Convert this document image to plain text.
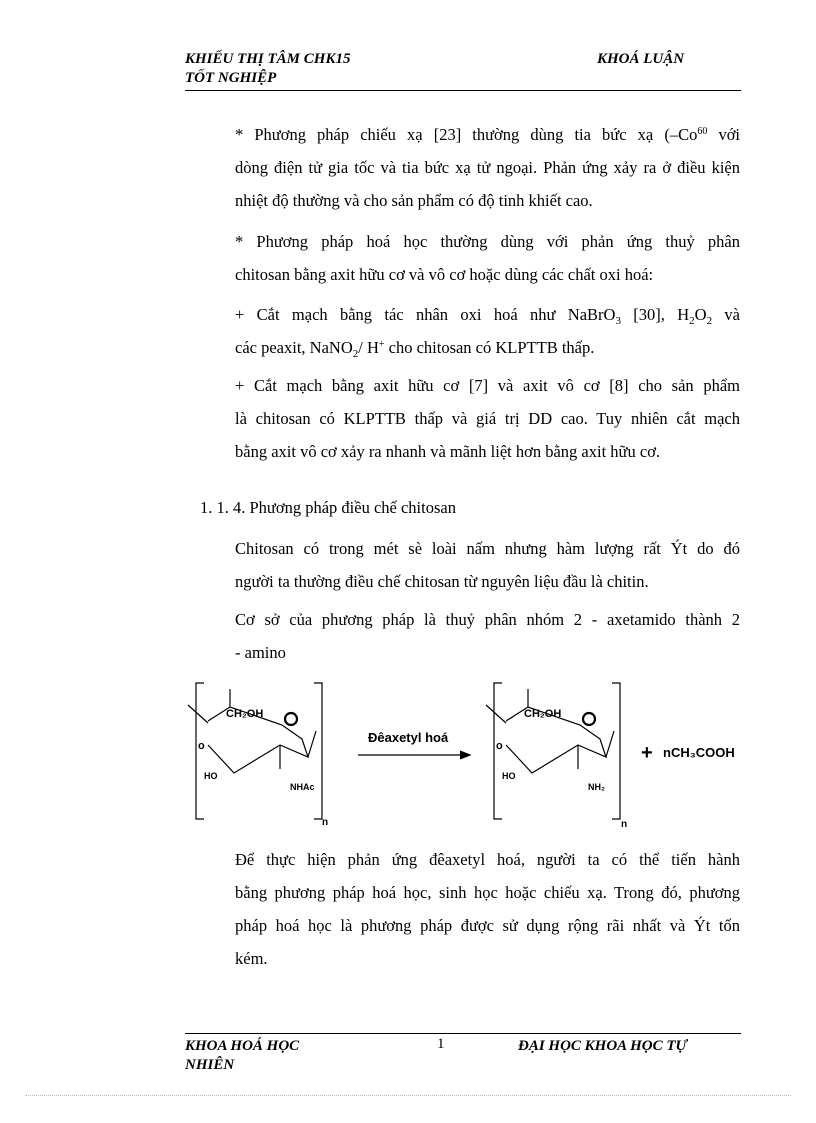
KHIẾU THỊ TÂM CHK15
TỐT NGHIỆP
KHOÁ LUẬN
* Phương pháp chiếu xạ [23] thường dùng tia bức xạ (–Co$^{60}$ với
dòng điện tử gia tốc và tia bức xạ tử ngoại. Phản ứng xảy ra ở điều kiện
nhiệt độ thường và cho sản phẩm có độ tinh khiết cao.
* Phương pháp hoá học thường dùng với phản ứng thuỷ phân
chitosan bằng axit hữu cơ và vô cơ hoặc dùng các chất oxi hoá:
+ Cắt mạch bằng tác nhân oxi hoá như NaBrO$_3$ [30], $H_2O_2$ và
các peaxit, NaNO$_2$/ H+ cho chitosan có KLPTTB thấp.
+ Cắt mạch bằng axit hữu cơ [7] và axit vô cơ [8] cho sản phẩm
là chitosan có KLPTTB thấp và giá trị DD cao. Tuy nhiên cắt mạch
bằng axit vô cơ xảy ra nhanh và mãnh liệt hơn bằng axit hữu cơ.
1. 1. 4. Phương pháp điều chế chitosan
Chitosan có trong mét sè loài nấm nhưng hàm lượng rất Ýt do đó
người ta thường điều chế chitosan từ nguyên liệu đầu là chitin.
Cơ sở của phương pháp là thuỷ phân nhóm 2 - axetamido thành 2
- amino
CH₂OH
o
HO
NHAc
n
Đêaxetyl hoá
CH₂OH
o
HO
NH₂
n
+ nCH₃COOH
Để thực hiện phản ứng đêaxetyl hoá, người ta có thể tiến hành
bằng phương pháp hoá học, sinh học hoặc chiếu xạ. Trong đó, phương
pháp hoá học là phương pháp được sử dụng rộng rãi nhất và Ýt tốn
kém.
KHOA HOÁ HỌC
NHIÊN
1	ĐẠI HỌC KHOA HỌC TỰ
